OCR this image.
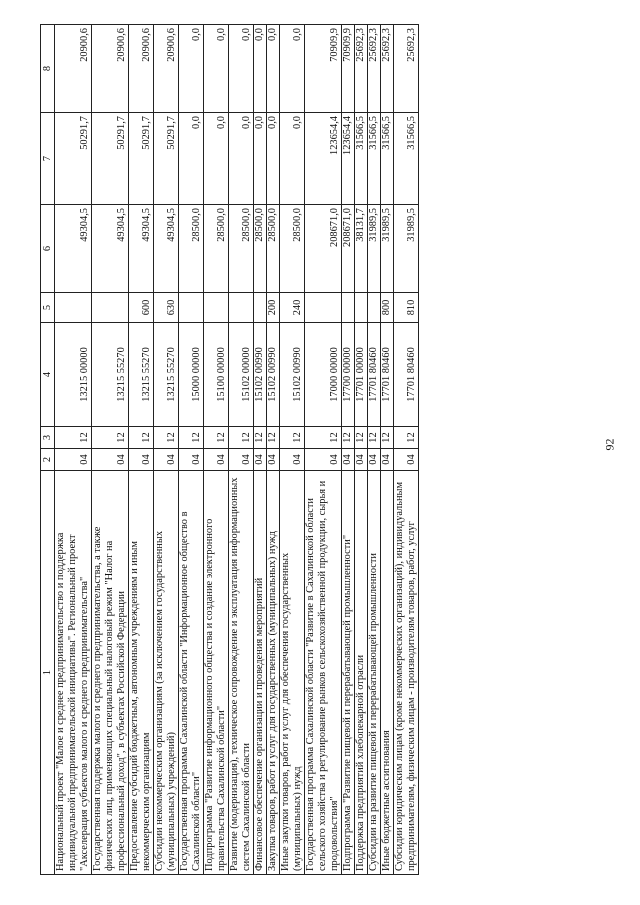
92
1	2	3	4	5	6	7	8
Национальный проект "Малое и среднее предпринимательство и поддержка индивидуальной предпринимательской инициативы". Региональный проект "Акселерация субъектов малого и среднего предпринимательства"	04	12	13215 00000		49304,5	50291,7	20900,6
Государственная поддержка малого и среднего предпринимательства, а также физических лиц, применяющих специальный налоговый режим "Налог на профессиональный доход", в субъектах Российской Федерации	04	12	13215 55270		49304,5	50291,7	20900,6
Предоставление субсидий бюджетным, автономным учреждениям и иным некоммерческим организациям	04	12	13215 55270	600	49304,5	50291,7	20900,6
Субсидии некоммерческим организациям (за исключением государственных (муниципальных) учреждений)	04	12	13215 55270	630	49304,5	50291,7	20900,6
Государственная программа Сахалинской области "Информационное общество в Сахалинской области"	04	12	15000 00000		28500,0	0,0	0,0
Подпрограмма "Развитие информационного общества и создание электронного правительства Сахалинской области"	04	12	15100 00000		28500,0	0,0	0,0
Развитие (модернизация), техническое сопровождение и эксплуатация информационных систем Сахалинской области	04	12	15102 00000		28500,0	0,0	0,0
Финансовое обеспечение организации и проведения мероприятий	04	12	15102 00990		28500,0	0,0	0,0
Закупка товаров, работ и услуг для государственных (муниципальных) нужд	04	12	15102 00990	200	28500,0	0,0	0,0
Иные закупки товаров, работ и услуг для обеспечения государственных (муниципальных) нужд	04	12	15102 00990	240	28500,0	0,0	0,0
Государственная программа Сахалинской области "Развитие в Сахалинской области сельского хозяйства и регулирование рынков сельскохозяйственной продукции, сырья и продовольствия"	04	12	17000 00000		208671,0	123654,4	70909,9
Подпрограмма "Развитие пищевой и перерабатывающей промышленности"	04	12	17700 00000		208671,0	123654,4	70909,9
Поддержка предприятий хлебопекарной отрасли	04	12	17701 00000		38131,7	31566,5	25692,3
Субсидии на развитие пищевой и перерабатывающей промышленности	04	12	17701 80460		31989,5	31566,5	25692,3
Иные бюджетные ассигнования	04	12	17701 80460	800	31989,5	31566,5	25692,3
Субсидии юридическим лицам (кроме некоммерческих организаций), индивидуальным предпринимателям, физическим лицам - производителям товаров, работ, услуг	04	12	17701 80460	810	31989,5	31566,5	25692,3
